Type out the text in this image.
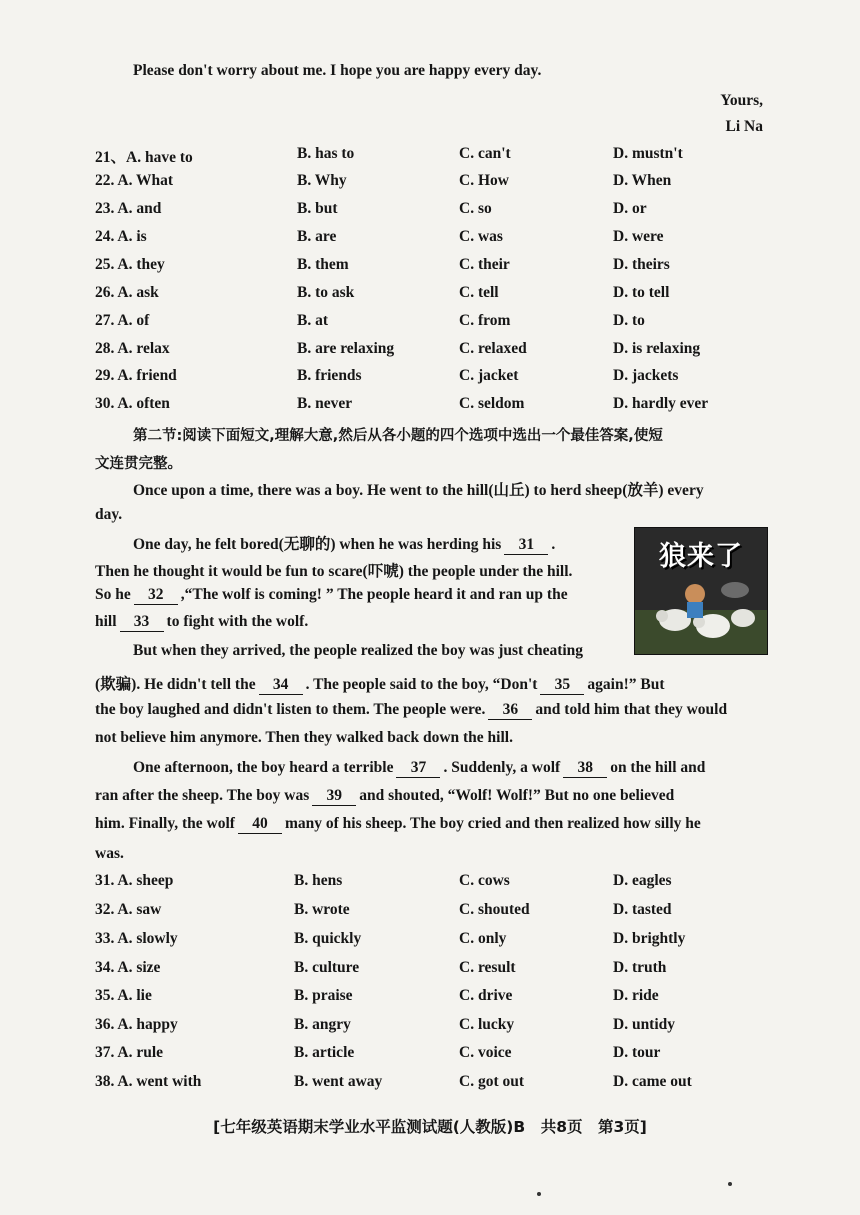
Please don't worry about me. I hope you are happy every day.
Yours,
Li Na
21、A. have to	B. has to	C. can't	D. mustn't
22. A. What	B. Why	C. How	D. When
23. A. and	B. but	C. so	D. or
24. A. is	B. are	C. was	D. were
25. A. they	B. them	C. their	D. theirs
26. A. ask	B. to ask	C. tell	D. to tell
27. A. of	B. at	C. from	D. to
28. A. relax	B. are relaxing	C. relaxed	D. is relaxing
29. A. friend	B. friends	C. jacket	D. jackets
30. A. often	B. never	C. seldom	D. hardly ever
第二节:阅读下面短文,理解大意,然后从各小题的四个选项中选出一个最佳答案,使短
文连贯完整。
Once upon a time, there was a boy. He went to the hill(山丘) to herd sheep(放羊) every
day.
One day, he felt bored(无聊的) when he was herding his 31 .
Then he thought it would be fun to scare(吓唬) the people under the hill.
So he 32 ,“The wolf is coming! ” The people heard it and ran up the
hill 33 to fight with the wolf.
But when they arrived, the people realized the boy was just cheating
(欺骗). He didn't tell the 34 . The people said to the boy, “Don't 35 again!” But
the boy laughed and didn't listen to them. The people were. 36 and told him that they would
not believe him anymore. Then they walked back down the hill.
One afternoon, the boy heard a terrible 37 . Suddenly, a wolf 38 on the hill and
ran after the sheep. The boy was 39 and shouted, “Wolf! Wolf!” But no one believed
him. Finally, the wolf 40 many of his sheep. The boy cried and then realized how silly he
was.
狼来了
31. A. sheep	B. hens	C. cows	D. eagles
32. A. saw	B. wrote	C. shouted	D. tasted
33. A. slowly	B. quickly	C. only	D. brightly
34. A. size	B. culture	C. result	D. truth
35. A. lie	B. praise	C. drive	D. ride
36. A. happy	B. angry	C. lucky	D. untidy
37. A. rule	B. article	C. voice	D. tour
38. A. went with	B. went away	C. got out	D. came out
[七年级英语期末学业水平监测试题(人教版)B　共8页　第3页]
